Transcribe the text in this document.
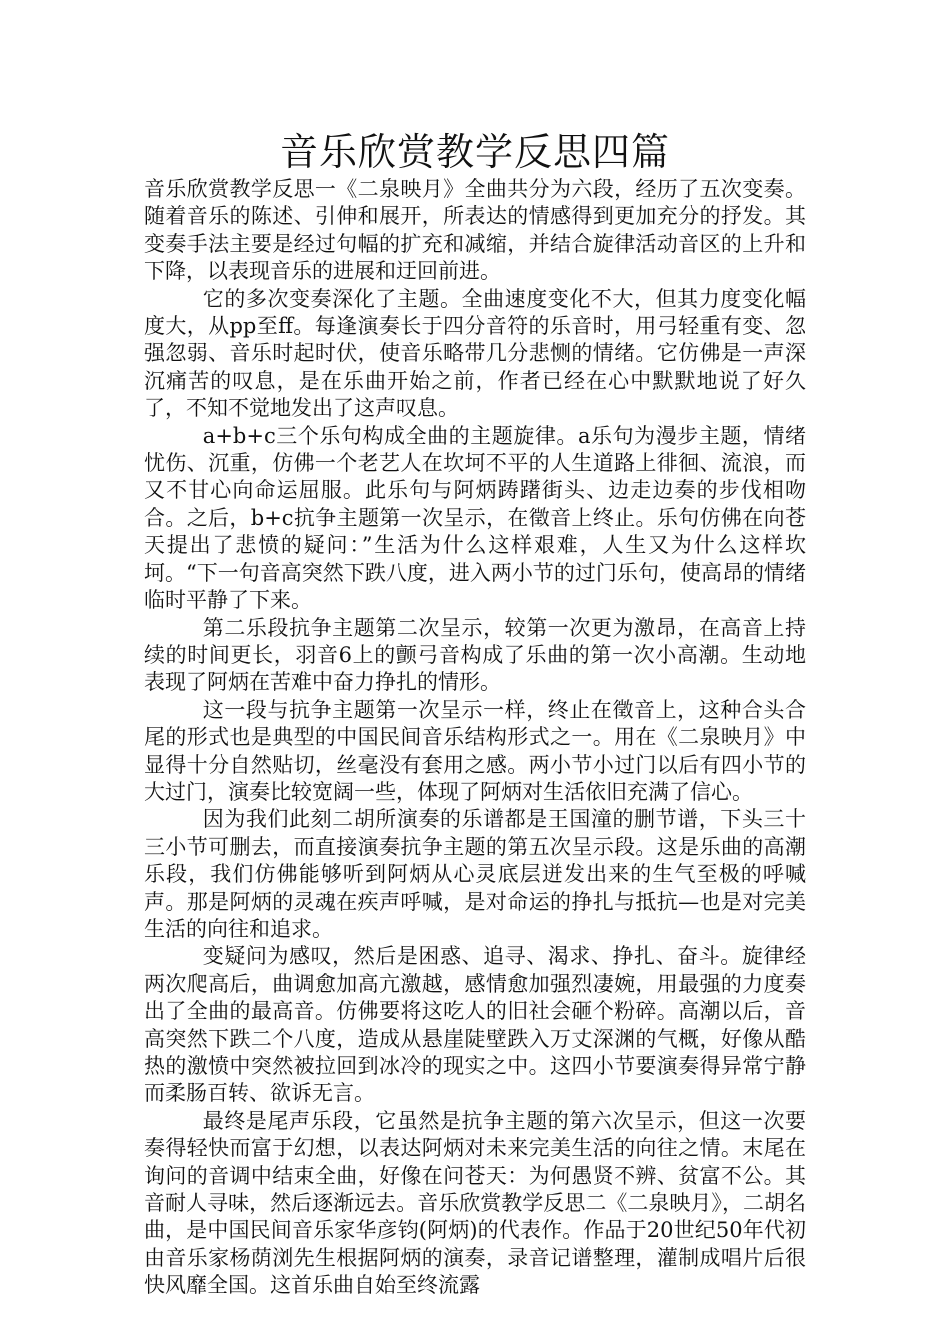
音乐欣赏教学反思四篇

音乐欣赏教学反思一《二泉映月》全曲共分为六段，经历了五次变奏。随着音乐的陈述、引伸和展开，所表达的情感得到更加充分的抒发。其变奏手法主要是经过句幅的扩充和减缩，并结合旋律活动音区的上升和下降，以表现音乐的进展和迂回前进。

它的多次变奏深化了主题。全曲速度变化不大，但其力度变化幅度大，从pp至ff。每逢演奏长于四分音符的乐音时，用弓轻重有变、忽强忽弱、音乐时起时伏，使音乐略带几分悲恻的情绪。它仿佛是一声深沉痛苦的叹息，是在乐曲开始之前，作者已经在心中默默地说了好久了，不知不觉地发出了这声叹息。

a+b+c三个乐句构成全曲的主题旋律。a乐句为漫步主题，情绪忧伤、沉重，仿佛一个老艺人在坎坷不平的人生道路上徘徊、流浪，而又不甘心向命运屈服。此乐句与阿炳踌躇街头、边走边奏的步伐相吻合。之后，b+c抗争主题第一次呈示，在徵音上终止。乐句仿佛在向苍天提出了悲愤的疑问：”生活为什么这样艰难，人生又为什么这样坎坷。“下一句音高突然下跌八度，进入两小节的过门乐句，使高昂的情绪临时平静了下来。

第二乐段抗争主题第二次呈示，较第一次更为激昂，在高音上持续的时间更长，羽音6上的颤弓音构成了乐曲的第一次小高潮。生动地表现了阿炳在苦难中奋力挣扎的情形。

这一段与抗争主题第一次呈示一样，终止在徵音上，这种合头合尾的形式也是典型的中国民间音乐结构形式之一。用在《二泉映月》中显得十分自然贴切，丝毫没有套用之感。两小节小过门以后有四小节的大过门，演奏比较宽阔一些，体现了阿炳对生活依旧充满了信心。

因为我们此刻二胡所演奏的乐谱都是王国潼的删节谱，下头三十三小节可删去，而直接演奏抗争主题的第五次呈示段。这是乐曲的高潮乐段，我们仿佛能够听到阿炳从心灵底层迸发出来的生气至极的呼喊声。那是阿炳的灵魂在疾声呼喊，是对命运的挣扎与抵抗—也是对完美生活的向往和追求。

变疑问为感叹，然后是困惑、追寻、渴求、挣扎、奋斗。旋律经两次爬高后，曲调愈加高亢激越，感情愈加强烈凄婉，用最强的力度奏出了全曲的最高音。仿佛要将这吃人的旧社会砸个粉碎。高潮以后，音高突然下跌二个八度，造成从悬崖陡壁跌入万丈深渊的气概，好像从酷热的激愤中突然被拉回到冰冷的现实之中。这四小节要演奏得异常宁静而柔肠百转、欲诉无言。

最终是尾声乐段，它虽然是抗争主题的第六次呈示，但这一次要奏得轻快而富于幻想，以表达阿炳对未来完美生活的向往之情。末尾在询问的音调中结束全曲，好像在问苍天：为何愚贤不辨、贫富不公。其音耐人寻味，然后逐渐远去。音乐欣赏教学反思二《二泉映月》，二胡名曲，是中国民间音乐家华彦钧(阿炳)的代表作。作品于20世纪50年代初由音乐家杨荫浏先生根据阿炳的演奏，录音记谱整理，灌制成唱片后很快风靡全国。这首乐曲自始至终流露
